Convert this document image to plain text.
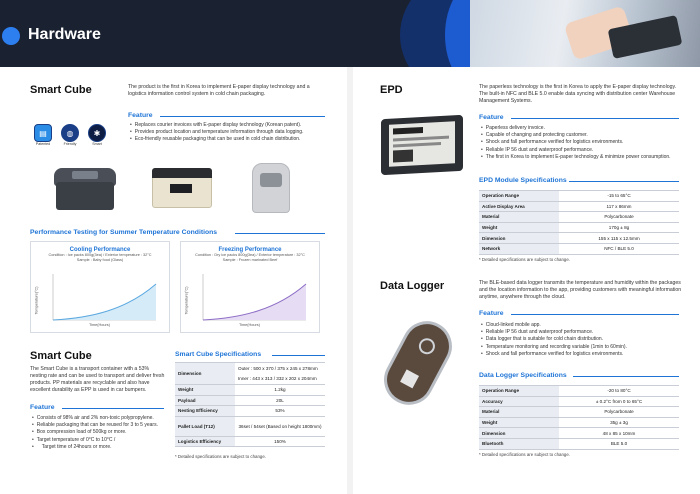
Hardware
Smart Cube	The product is the first in Korea to implement E-paper display technology and a logistics information control system in cold chain packaging.
▤
Patented
◍
Friendly
✱
Smart
Feature
• Replaces courier invoices with E-paper display technology (Korean patent).
• Provides product location and temperature information through data logging.
• Eco-friendly reusable packaging that can be used in cold chain distribution.
Performance Testing for Summer Temperature Conditions
Cooling Performance
Condition : Ice packs 800g(3ea) / Exterior temperature : 32°C
Sample : Baby food (Glass)
Time(Hours)
Temperature(°C)
Freezing Performance
Condition : Dry ice packs 800g(3ea) / Exterior temperature : 32°C
Sample : Frozen marinated Beef
Time(Hours)
Temperature(°C)
Smart Cube
The Smart Cube is a transport container with a 53% nesting rate and can be used to transport and deliver fresh products. PP materials are recyclable and also have excellent durability as EPP is used in car bumpers.
Feature
• Consists of 98% air and 2% non-toxic polypropylene.
• Reliable packaging that can be reused for 3 to 5 years.
• Box compression load of 500kg or more.
• Target temperature of 0°C to 10°C /
• Target time of 24hours or more.
Smart Cube Specifications
Dimension	Outer : 500 x 370 / 375 x 245 x 278mm
	Inner : 443 x 313 / 332 x 202 x 204mm
Weight	1.2kg
Payload	20L
Nesting Efficiency	53%
Pallet Load (T12)	36set / 54set (Based on height 1800mm)
Logistics Efficiency	150%
* Detailed specifications are subject to change.
EPD	The paperless technology is the first in Korea to apply the E-paper display technology. The built-in NFC and BLE 5.0 enable data syncing with distribution center Warehouse Management Systems.
Feature
• Paperless delivery invoice.
• Capable of changing and protecting customer.
• Shock and fall performance verified for logistics environments.
• Reliable IP 56 dust and waterproof performance.
• The first in Korea to implement E-paper technology & minimize power consumption.
EPD Module Specifications
Operation Range	-15 to 65°C
Active Display Area	117 x 86mm
Material	Polycarbonate
Weight	170g ± 8g
Dimension	155 x 115 x 12.5mm
Network	NFC / BLE 5.0
* Detailed specifications are subject to change.
Data Logger	The BLE-based data logger transmits the temperature and humidity within the packages and the location information to the app, providing customers with meaningful information anytime, anywhere through the cloud.
Feature
• Cloud-linked mobile app.
• Reliable IP 56 dust and waterproof performance.
• Data logger that is suitable for cold chain distribution.
• Temperature monitoring and recording variable (1min to 60min).
• Shock and fall performance verified for logistics environments.
Data Logger Specifications
Operation Range	-20 to 80°C
Accuracy	± 0.2°C from 0 to 65°C
Material	Polycarbonate
Weight	35g ± 3g
Dimension	48 x 85 x 10mm
Bluetooth	BLE 5.0
* Detailed specifications are subject to change.
